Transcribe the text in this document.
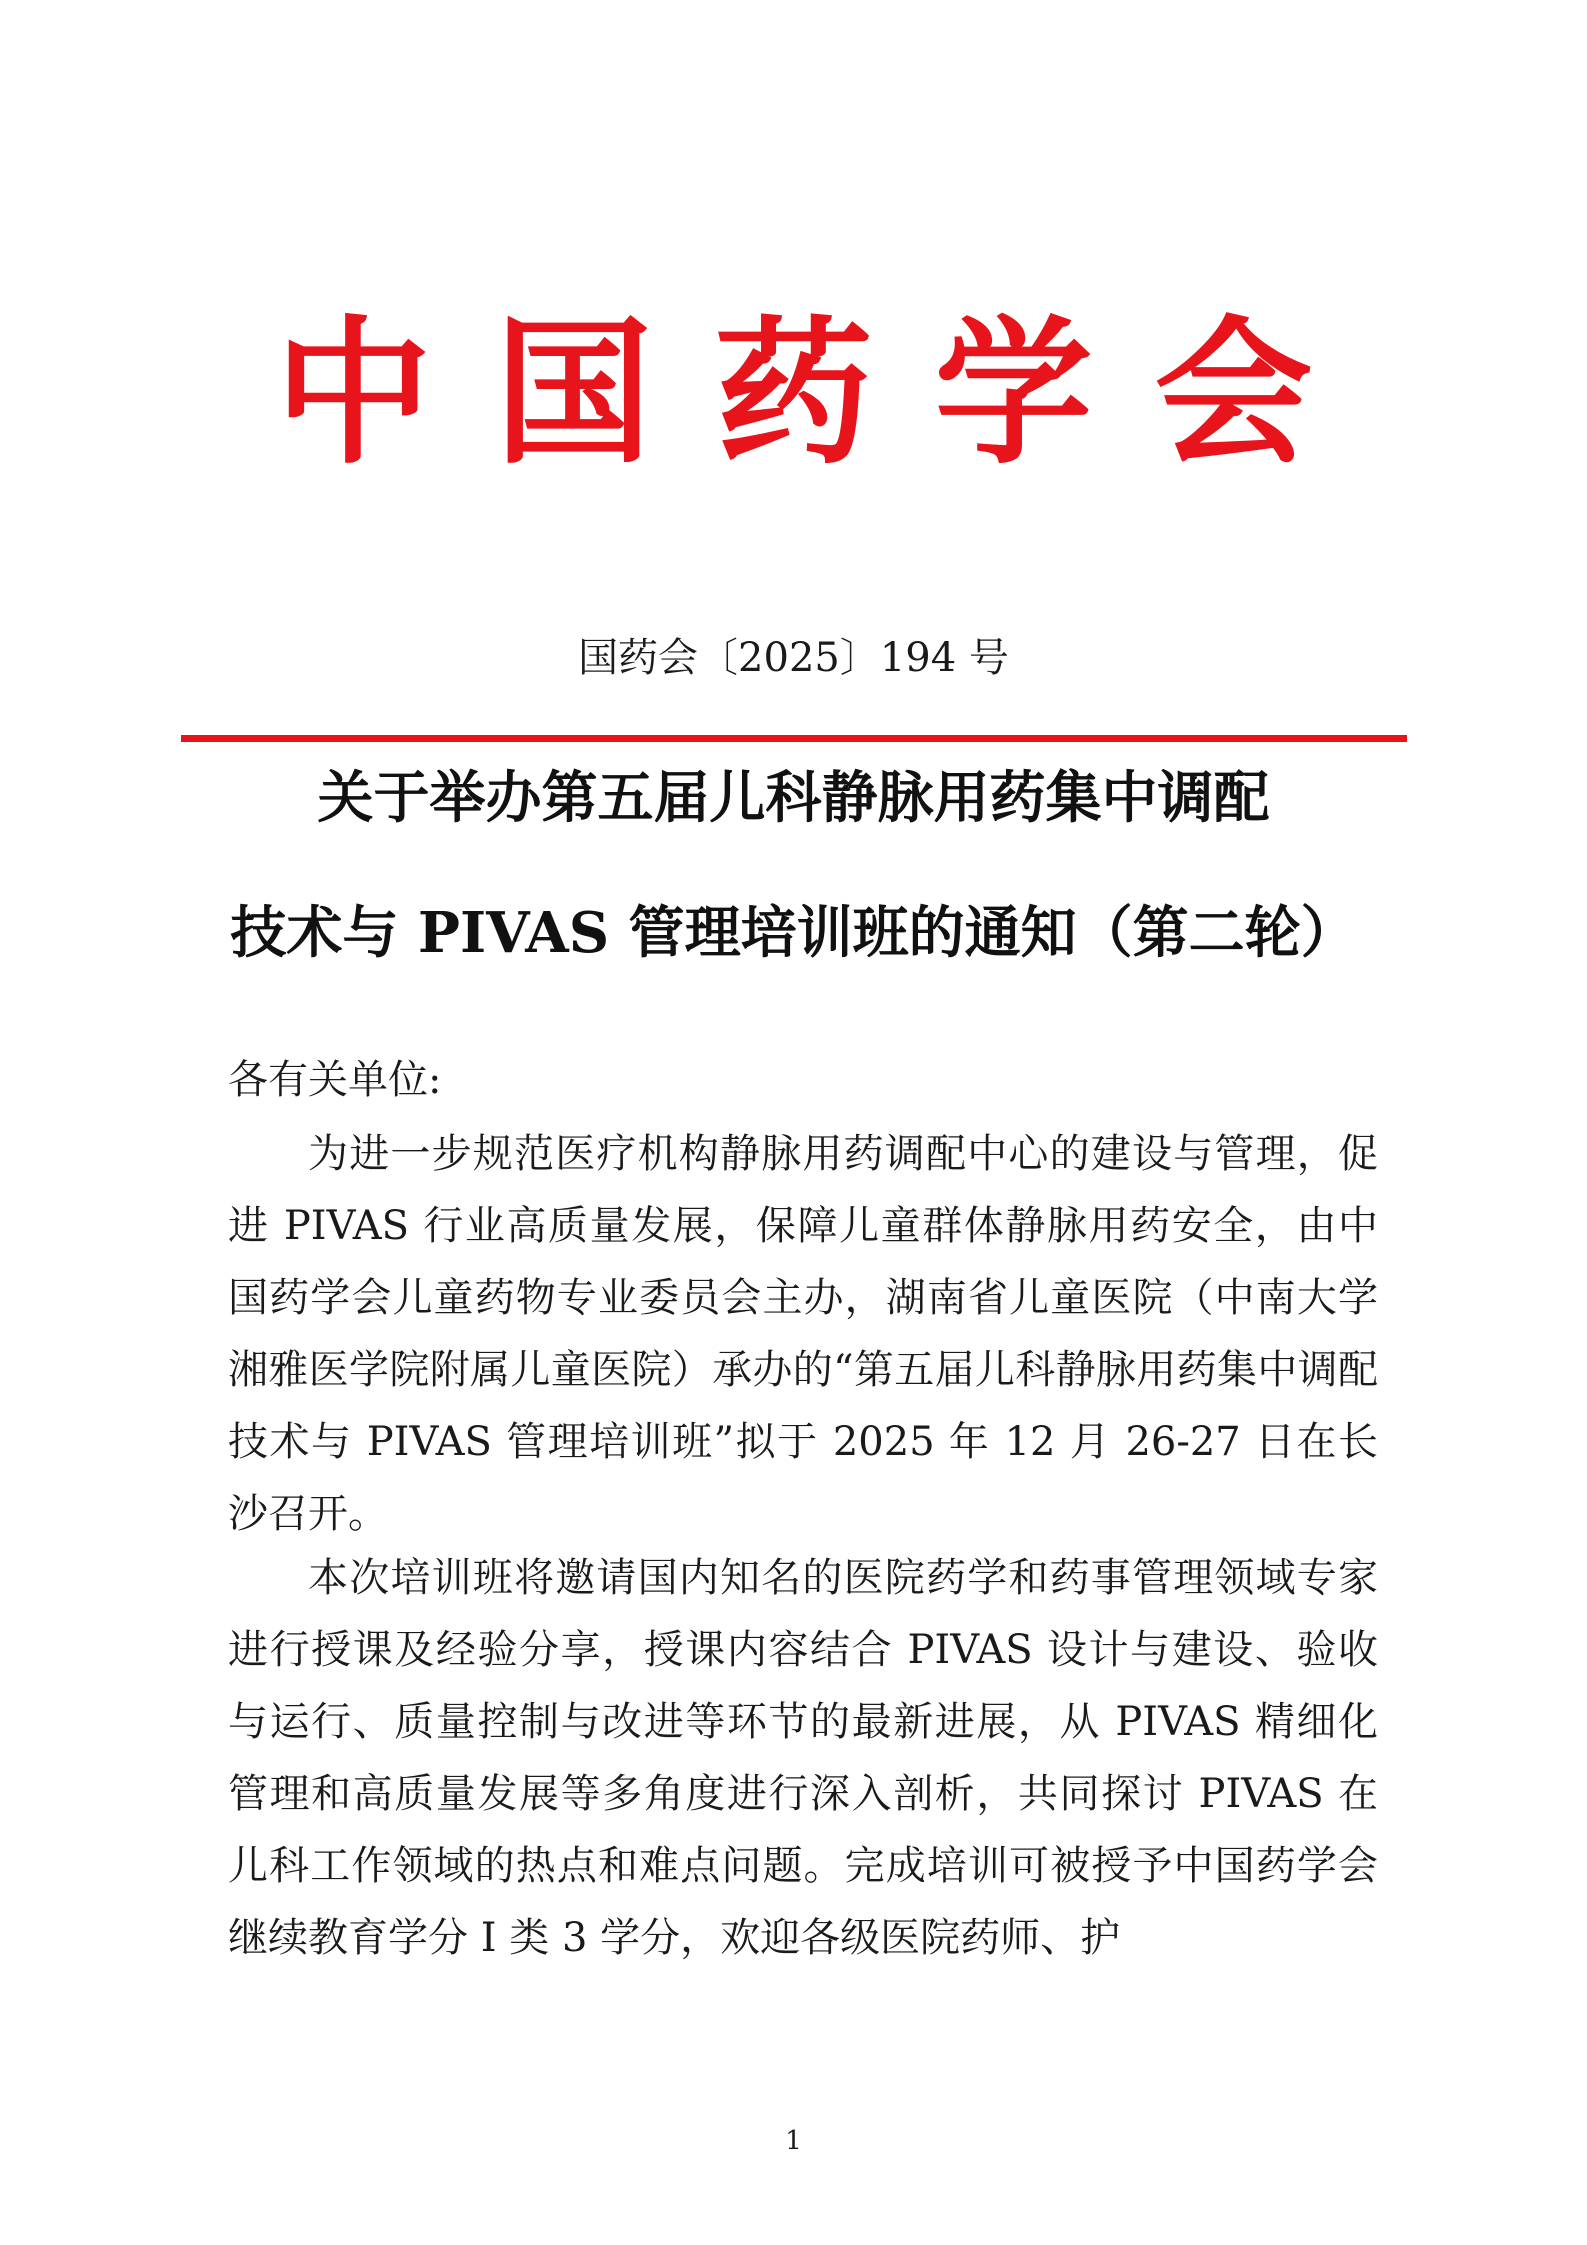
中国药学会
国药会〔2025〕194 号
关于举办第五届儿科静脉用药集中调配
技术与 PIVAS 管理培训班的通知（第二轮）
各有关单位:

为进一步规范医疗机构静脉用药调配中心的建设与管理，促进 PIVAS 行业高质量发展，保障儿童群体静脉用药安全，由中国药学会儿童药物专业委员会主办，湖南省儿童医院（中南大学湘雅医学院附属儿童医院）承办的“第五届儿科静脉用药集中调配技术与 PIVAS 管理培训班”拟于 2025 年 12 月 26-27 日在长沙召开。

本次培训班将邀请国内知名的医院药学和药事管理领域专家进行授课及经验分享，授课内容结合 PIVAS 设计与建设、验收与运行、质量控制与改进等环节的最新进展，从 PIVAS 精细化管理和高质量发展等多角度进行深入剖析，共同探讨 PIVAS 在儿科工作领域的热点和难点问题。完成培训可被授予中国药学会继续教育学分 I 类 3 学分，欢迎各级医院药师、护

1
